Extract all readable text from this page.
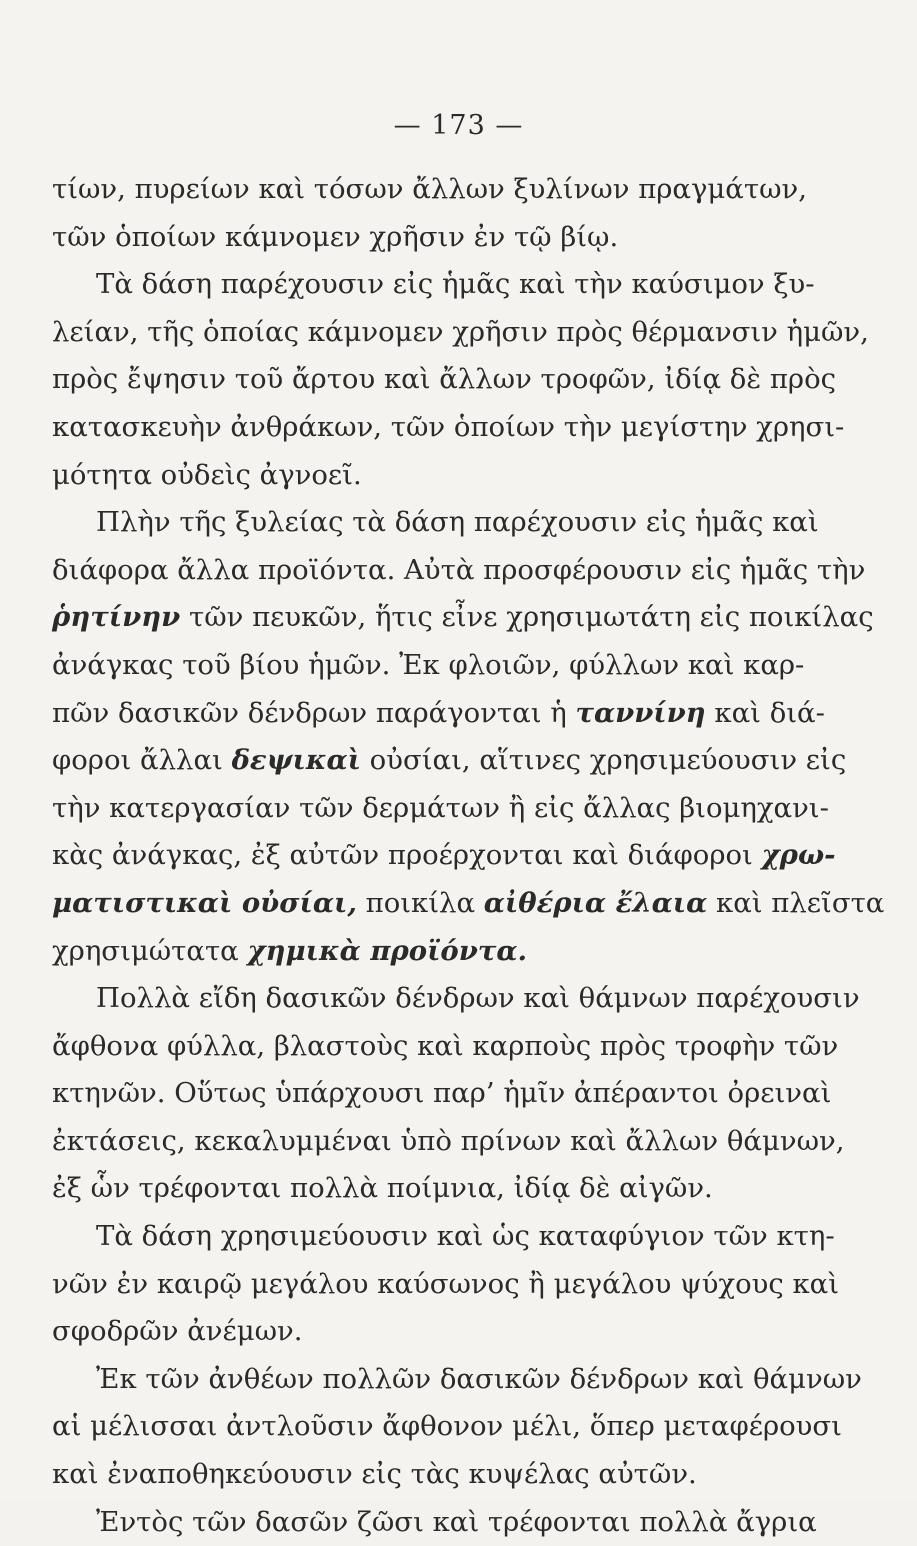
— 173 —
τίων, πυρείων καὶ τόσων ἄλλων ξυλίνων πραγμάτων,
τῶν ὁποίων κάμνομεν χρῆσιν ἐν τῷ βίῳ.
Τὰ δάση παρέχουσιν εἰς ἡμᾶς καὶ τὴν καύσιμον ξυ-
λείαν, τῆς ὁποίας κάμνομεν χρῆσιν πρὸς θέρμανσιν ἡμῶν,
πρὸς ἔψησιν τοῦ ἄρτου καὶ ἄλλων τροφῶν, ἰδίᾳ δὲ πρὸς
κατασκευὴν ἀνθράκων, τῶν ὁποίων τὴν μεγίστην χρησι-
μότητα οὐδεὶς ἀγνοεῖ.
Πλὴν τῆς ξυλείας τὰ δάση παρέχουσιν εἰς ἡμᾶς καὶ
διάφορα ἄλλα προϊόντα. Αὐτὰ προσφέρουσιν εἰς ἡμᾶς τὴν
ῥητίνην τῶν πευκῶν, ἥτις εἶνε χρησιμωτάτη εἰς ποικίλας
ἀνάγκας τοῦ βίου ἡμῶν. Ἐκ φλοιῶν, φύλλων καὶ καρ-
πῶν δασικῶν δένδρων παράγονται ἡ ταννίνη καὶ διά-
φοροι ἄλλαι δεψικαὶ οὐσίαι, αἵτινες χρησιμεύουσιν εἰς
τὴν κατεργασίαν τῶν δερμάτων ἢ εἰς ἄλλας βιομηχανι-
κὰς ἀνάγκας, ἐξ αὐτῶν προέρχονται καὶ διάφοροι χρω-
ματιστικαὶ οὐσίαι, ποικίλα αἰθέρια ἔλαια καὶ πλεῖστα
χρησιμώτατα χημικὰ προϊόντα.
Πολλὰ εἴδη δασικῶν δένδρων καὶ θάμνων παρέχουσιν
ἄφθονα φύλλα, βλαστοὺς καὶ καρποὺς πρὸς τροφὴν τῶν
κτηνῶν. Οὕτως ὑπάρχουσι παρ’ ἡμῖν ἀπέραντοι ὀρειναὶ
ἐκτάσεις, κεκαλυμμέναι ὑπὸ πρίνων καὶ ἄλλων θάμνων,
ἐξ ὧν τρέφονται πολλὰ ποίμνια, ἰδίᾳ δὲ αἰγῶν.
Τὰ δάση χρησιμεύουσιν καὶ ὡς καταφύγιον τῶν κτη-
νῶν ἐν καιρῷ μεγάλου καύσωνος ἢ μεγάλου ψύχους καὶ
σφοδρῶν ἀνέμων.
Ἐκ τῶν ἀνθέων πολλῶν δασικῶν δένδρων καὶ θάμνων
αἱ μέλισσαι ἀντλοῦσιν ἄφθονον μέλι, ὅπερ μεταφέρουσι
καὶ ἐναποθηκεύουσιν εἰς τὰς κυψέλας αὐτῶν.
Ἐντὸς τῶν δασῶν ζῶσι καὶ τρέφονται πολλὰ ἄγρια
